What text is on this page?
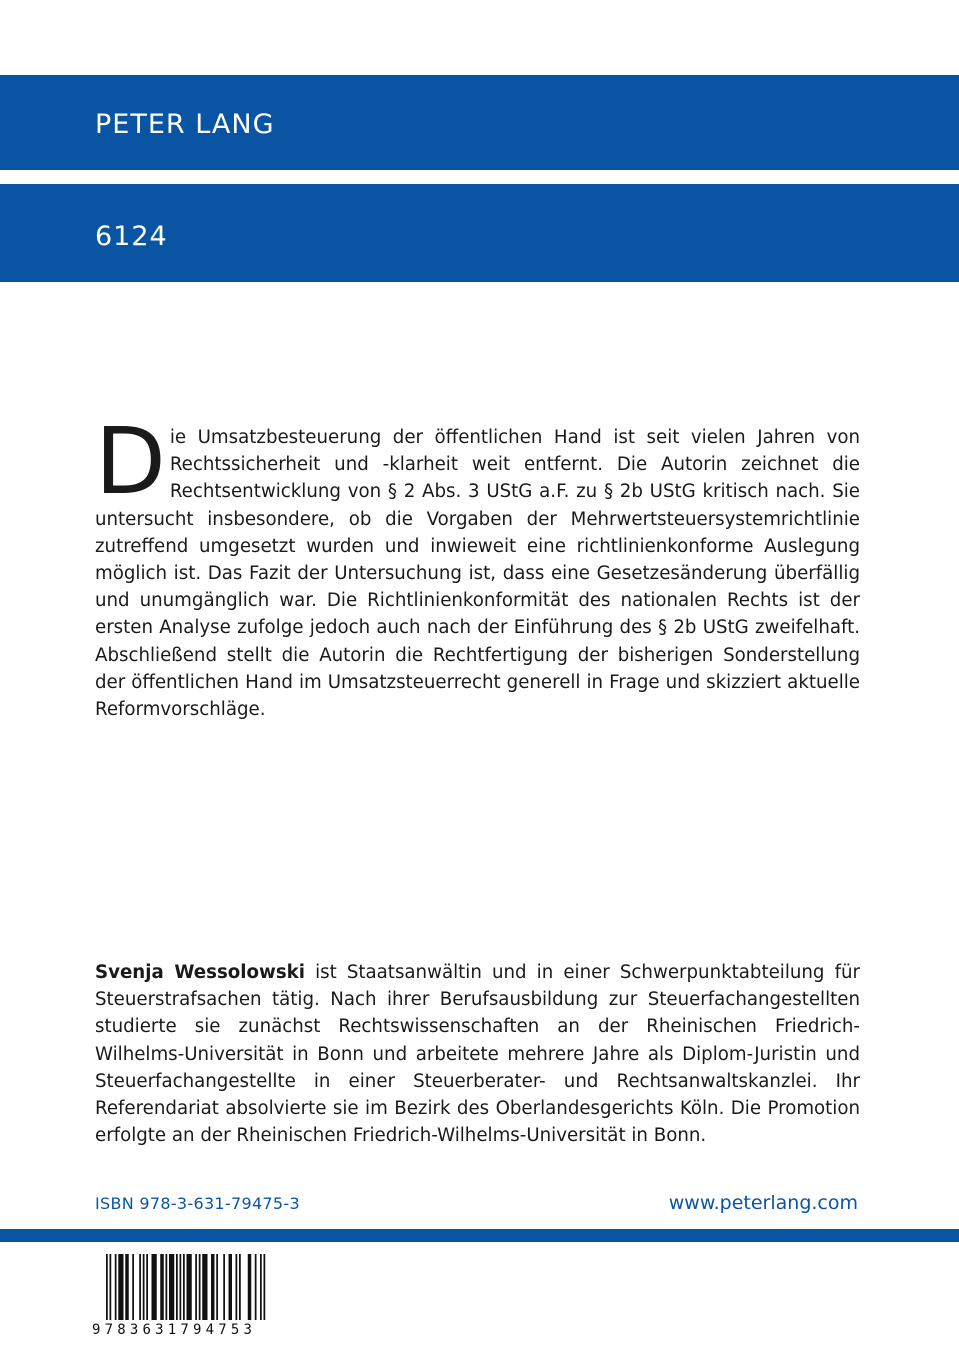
PETER LANG
6124
D ie Umsatzbesteuerung der öffentlichen Hand ist seit vielen Jahren von Rechtssicherheit und -klarheit weit entfernt. Die Autorin zeichnet die Rechtsentwicklung von § 2 Abs. 3 UStG a.F. zu § 2b UStG kritisch nach. Sie untersucht insbesondere, ob die Vorgaben der Mehrwertsteuersystemrichtlinie zutreffend umgesetzt wurden und inwieweit eine richtlinienkonforme Auslegung möglich ist. Das Fazit der Untersuchung ist, dass eine Gesetzesänderung überfällig und unumgänglich war. Die Richtlinienkonformität des nationalen Rechts ist der ersten Analyse zufolge jedoch auch nach der Einführung des § 2b UStG zweifelhaft. Abschließend stellt die Autorin die Rechtfertigung der bisherigen Sonderstellung der öffentlichen Hand im Umsatzsteuerrecht generell in Frage und skizziert aktuelle Reformvorschläge.
Svenja Wessolowski ist Staatsanwältin und in einer Schwerpunktabteilung für Steuerstrafsachen tätig. Nach ihrer Berufsausbildung zur Steuerfachangestellten studierte sie zunächst Rechtswissenschaften an der Rheinischen Friedrich-Wilhelms-Universität in Bonn und arbeitete mehrere Jahre als Diplom-Juristin und Steuerfachangestellte in einer Steuerberater- und Rechtsanwaltskanzlei. Ihr Referendariat absolvierte sie im Bezirk des Oberlandesgerichts Köln. Die Promotion erfolgte an der Rheinischen Friedrich-Wilhelms-Universität in Bonn.
ISBN 978-3-631-79475-3	www.peterlang.com
9783631794753
